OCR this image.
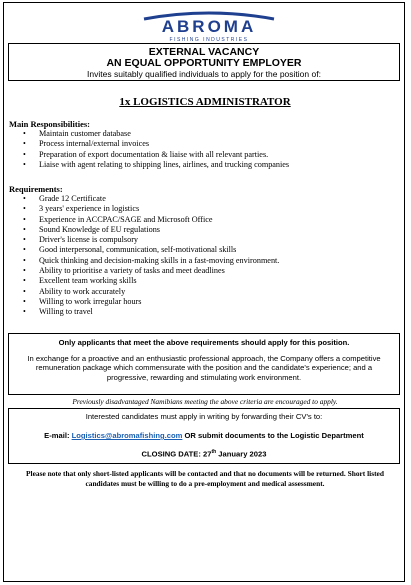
ABROMA
FISHING INDUSTRIES
EXTERNAL VACANCY
AN EQUAL OPPORTUNITY EMPLOYER
Invites suitably qualified individuals to apply for the position of:
1x LOGISTICS ADMINISTRATOR
Main Responsibilities:
• Maintain customer database
• Process internal/external invoices
• Preparation of export documentation & liaise with all relevant parties.
• Liaise with agent relating to shipping lines, airlines, and trucking companies
Requirements:
• Grade 12 Certificate
• 3 years' experience in logistics
• Experience in ACCPAC/SAGE and Microsoft Office
• Sound Knowledge of EU regulations
• Driver's license is compulsory
• Good interpersonal, communication, self-motivational skills
• Quick thinking and decision-making skills in a fast-moving environment.
• Ability to prioritise a variety of tasks and meet deadlines
• Excellent team working skills
• Ability to work accurately
• Willing to work irregular hours
• Willing to travel
Only applicants that meet the above requirements should apply for this position.
In exchange for a proactive and an enthusiastic professional approach, the Company offers a competitive remuneration package which commensurate with the position and the candidate's experience; and a progressive, rewarding and stimulating work environment.
Previously disadvantaged Namibians meeting the above criteria are encouraged to apply.
Interested candidates must apply in writing by forwarding their CV's to:
E-mail: Logistics@abromafishing.com OR submit documents to the Logistic Department
CLOSING DATE: 27th January 2023
Please note that only short-listed applicants will be contacted and that no documents will be returned. Short listed candidates must be willing to do a pre-employment and medical assessment.
